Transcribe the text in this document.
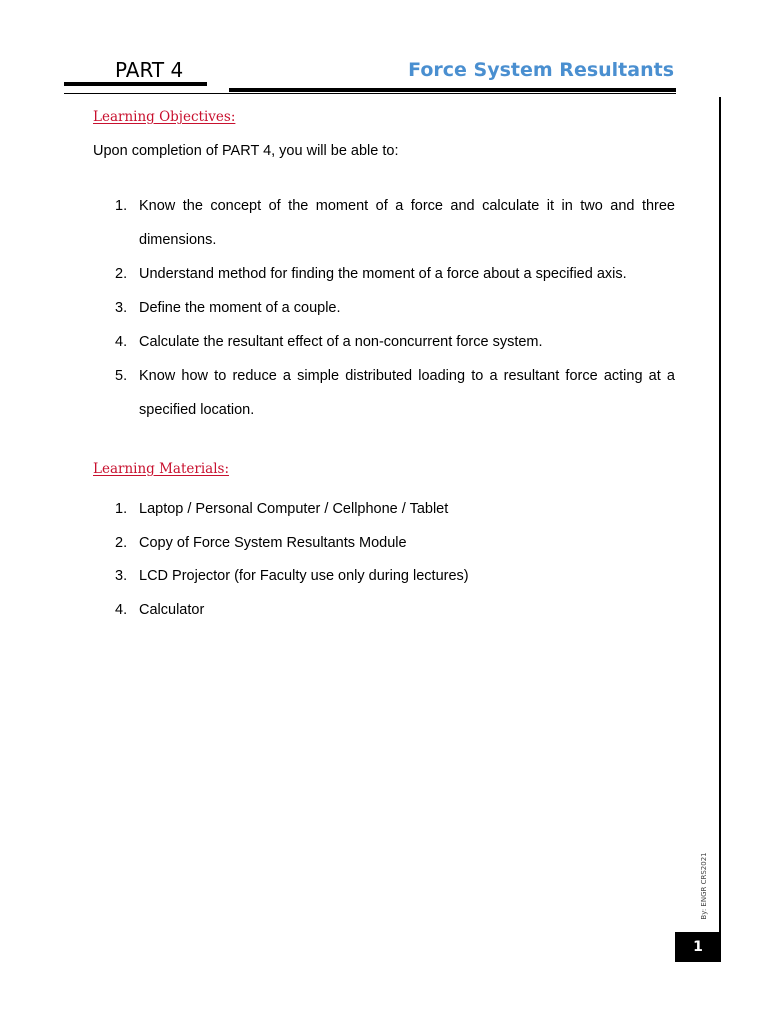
PART 4	Force System Resultants
By: ENGR CRS2021
1
Learning Objectives:
Upon completion of PART 4, you will be able to:
1. Know the concept of the moment of a force and calculate it in two and three dimensions.
2. Understand method for finding the moment of a force about a specified axis.
3. Define the moment of a couple.
4. Calculate the resultant effect of a non-concurrent force system.
5. Know how to reduce a simple distributed loading to a resultant force acting at a specified location.
Learning Materials:
1. Laptop / Personal Computer / Cellphone / Tablet
2. Copy of Force System Resultants Module
3. LCD Projector (for Faculty use only during lectures)
4. Calculator
